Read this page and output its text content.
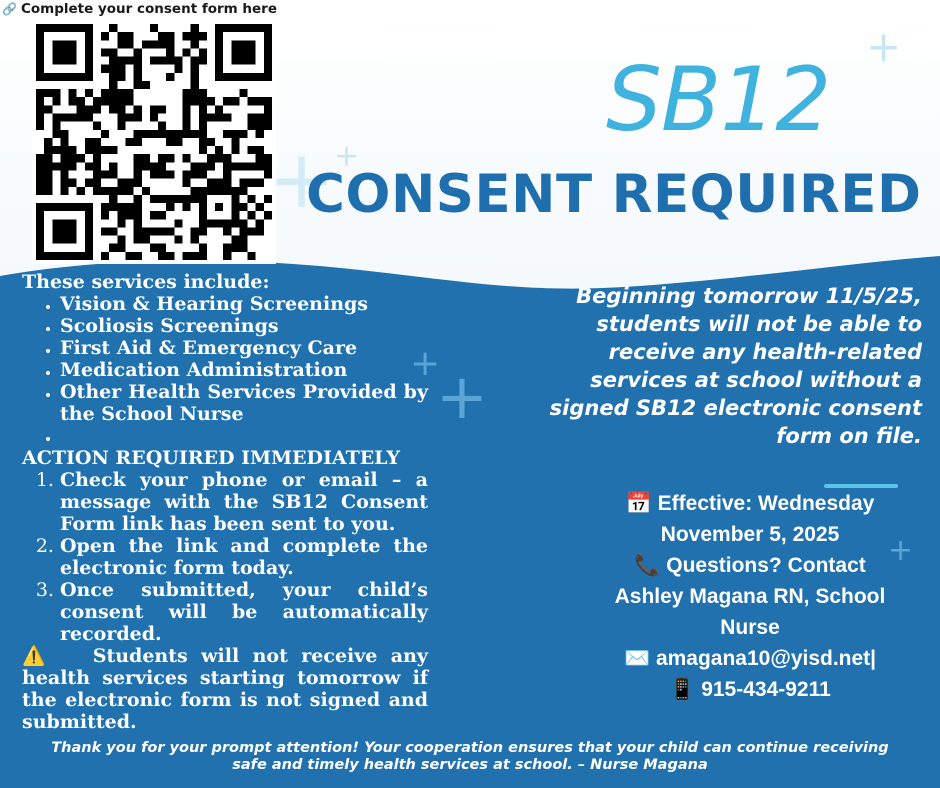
🔗 Complete your consent form here
+
+
+
+
+
+
SB12
CONSENT REQUIRED
These services include:
• Vision & Hearing Screenings
• Scoliosis Screenings
• First Aid & Emergency Care
• Medication Administration
• Other Health Services Provided by the School Nurse
•
ACTION REQUIRED IMMEDIATELY
1. Check your phone or email – a message with the SB12 Consent Form link has been sent to you.
2. Open the link and complete the electronic form today.
3. Once submitted, your child’s consent will be automatically recorded.
⚠️ Students will not receive any health services starting tomorrow if the electronic form is not signed and submitted.
Beginning tomorrow 11/5/25, students will not be able to receive any health-related services at school without a signed SB12 electronic consent form on file.
📅 Effective: Wednesday
November 5, 2025
📞 Questions? Contact
Ashley Magana RN, School
Nurse
✉️ amagana10@yisd.net|
📱 915-434-9211
Thank you for your prompt attention! Your cooperation ensures that your child can continue receiving
safe and timely health services at school. – Nurse Magana
